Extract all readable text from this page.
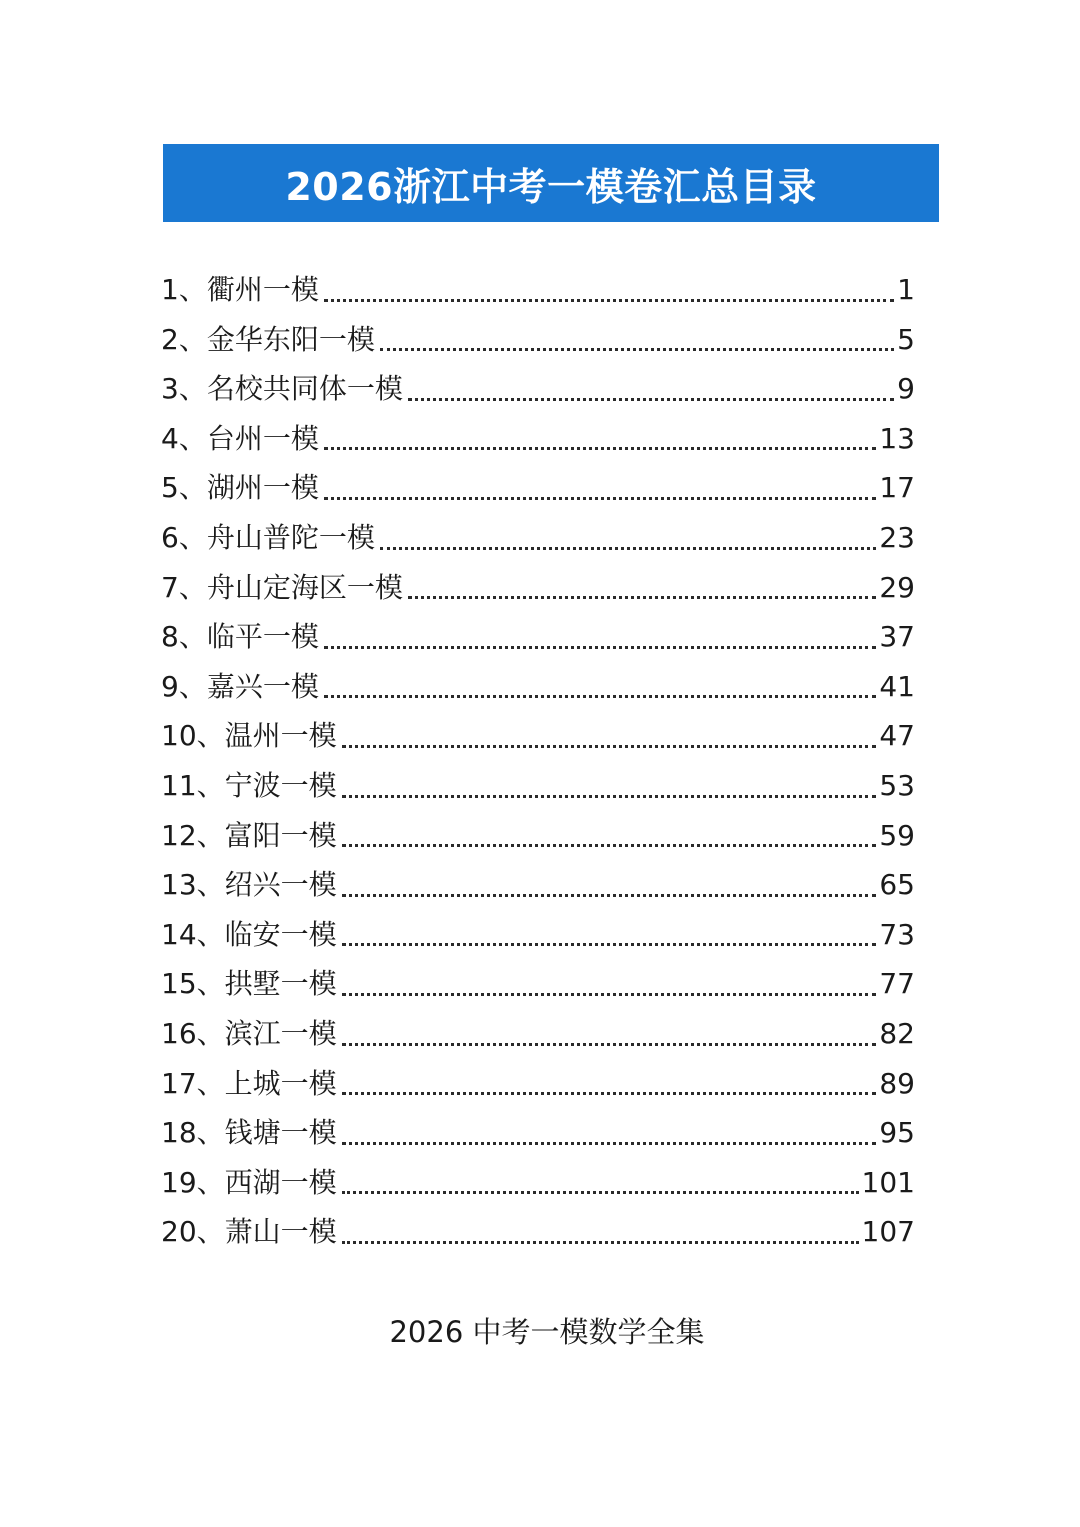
2026浙江中考一模卷汇总目录
1、衢州一模	1
2、金华东阳一模	5
3、名校共同体一模	9
4、台州一模	13
5、湖州一模	17
6、舟山普陀一模	23
7、舟山定海区一模	29
8、临平一模	37
9、嘉兴一模	41
10、温州一模	47
11、宁波一模	53
12、富阳一模	59
13、绍兴一模	65
14、临安一模	73
15、拱墅一模	77
16、滨江一模	82
17、上城一模	89
18、钱塘一模	95
19、西湖一模	101
20、萧山一模	107
2026 中考一模数学全集
